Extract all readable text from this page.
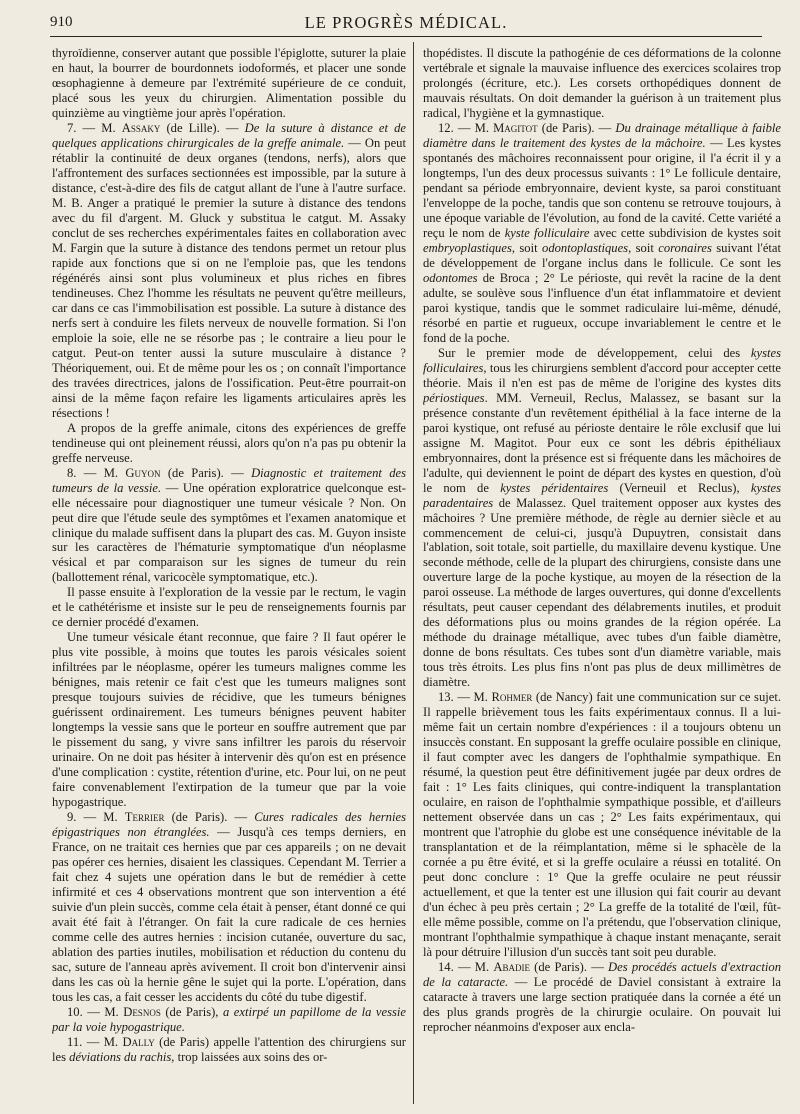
910	LE PROGRÈS MÉDICAL.

thyroïdienne, conserver autant que possible l'épiglotte, suturer la plaie en haut, la bourrer de bourdonnets iodoformés, et placer une sonde œsophagienne à demeure par l'extrémité supérieure de ce conduit, placé sous les yeux du chirurgien. Alimentation possible du quinzième au vingtième jour après l'opération.

7. — M. Assaky (de Lille). — De la suture à distance et de quelques applications chirurgicales de la greffe animale. — On peut rétablir la continuité de deux organes (tendons, nerfs), alors que l'affrontement des surfaces sectionnées est impossible, par la suture à distance, c'est-à-dire des fils de catgut allant de l'une à l'autre surface. M. B. Anger a pratiqué le premier la suture à distance des tendons avec du fil d'argent. M. Gluck y substitua le catgut. M. Assaky conclut de ses recherches expérimentales faites en collaboration avec M. Fargin que la suture à distance des tendons permet un retour plus rapide aux fonctions que si on ne l'emploie pas, que les tendons régénérés ainsi sont plus volumineux et plus riches en fibres tendineuses. Chez l'homme les résultats ne peuvent qu'être meilleurs, car dans ce cas l'immobilisation est possible. La suture à distance des nerfs sert à conduire les filets nerveux de nouvelle formation. Si l'on emploie la soie, elle ne se résorbe pas ; le contraire a lieu pour le catgut. Peut-on tenter aussi la suture musculaire à distance ? Théoriquement, oui. Et de même pour les os ; on connaît l'importance des travées directrices, jalons de l'ossification. Peut-être pourrait-on ainsi de la même façon refaire les ligaments articulaires après les résections !

A propos de la greffe animale, citons des expériences de greffe tendineuse qui ont pleinement réussi, alors qu'on n'a pas pu obtenir la greffe nerveuse.

8. — M. Guyon (de Paris). — Diagnostic et traitement des tumeurs de la vessie. — Une opération exploratrice quelconque est-elle nécessaire pour diagnostiquer une tumeur vésicale ? Non. On peut dire que l'étude seule des symptômes et l'examen anatomique et clinique du malade suffisent dans la plupart des cas. M. Guyon insiste sur les caractères de l'hématurie symptomatique d'un néoplasme vésical et par comparaison sur les signes de tumeur du rein (ballottement rénal, varicocèle symptomatique, etc.).

Il passe ensuite à l'exploration de la vessie par le rectum, le vagin et le cathétérisme et insiste sur le peu de renseignements fournis par ce dernier procédé d'examen.

Une tumeur vésicale étant reconnue, que faire ? Il faut opérer le plus vite possible, à moins que toutes les parois vésicales soient infiltrées par le néoplasme, opérer les tumeurs malignes comme les bénignes, mais retenir ce fait c'est que les tumeurs malignes sont presque toujours suivies de récidive, que les tumeurs bénignes guérissent ordinairement. Les tumeurs bénignes peuvent habiter longtemps la vessie sans que le porteur en souffre autrement que par le pissement du sang, y vivre sans infiltrer les parois du réservoir urinaire. On ne doit pas hésiter à intervenir dès qu'on est en présence d'une complication : cystite, rétention d'urine, etc. Pour lui, on ne peut faire convenablement l'extirpation de la tumeur que par la voie hypogastrique.

9. — M. Terrier (de Paris). — Cures radicales des hernies épigastriques non étranglées. — Jusqu'à ces temps derniers, en France, on ne traitait ces hernies que par ces appareils ; on ne devait pas opérer ces hernies, disaient les classiques. Cependant M. Terrier a fait chez 4 sujets une opération dans le but de remédier à cette infirmité et ces 4 observations montrent que son intervention a été suivie d'un plein succès, comme cela était à penser, étant donné ce qui avait été fait à l'étranger. On fait la cure radicale de ces hernies comme celle des autres hernies : incision cutanée, ouverture du sac, ablation des parties inutiles, mobilisation et réduction du contenu du sac, suture de l'anneau après avivement. Il croit bon d'intervenir ainsi dans les cas où la hernie gêne le sujet qui la porte. L'opération, dans tous les cas, a fait cesser les accidents du côté du tube digestif.

10. — M. Desnos (de Paris), a extirpé un papillome de la vessie par la voie hypogastrique.

11. — M. Dally (de Paris) appelle l'attention des chirurgiens sur les déviations du rachis, trop laissées aux soins des or-

thopédistes. Il discute la pathogénie de ces déformations de la colonne vertébrale et signale la mauvaise influence des exercices scolaires trop prolongés (écriture, etc.). Les corsets orthopédiques donnent de mauvais résultats. On doit demander la guérison à un traitement plus radical, l'hygiène et la gymnastique.

12. — M. Magitot (de Paris). — Du drainage métallique à faible diamètre dans le traitement des kystes de la mâchoire. — Les kystes spontanés des mâchoires reconnaissent pour origine, il l'a écrit il y a longtemps, l'un des deux processus suivants : 1° Le follicule dentaire, pendant sa période embryonnaire, devient kyste, sa paroi constituant l'enveloppe de la poche, tandis que son contenu se retrouve toujours, à une époque variable de l'évolution, au fond de la cavité. Cette variété a reçu le nom de kyste folliculaire avec cette subdivision de kystes soit embryoplastiques, soit odontoplastiques, soit coronaires suivant l'état de développement de l'organe inclus dans le follicule. Ce sont les odontomes de Broca ; 2° Le périoste, qui revêt la racine de la dent adulte, se soulève sous l'influence d'un état inflammatoire et devient paroi kystique, tandis que le sommet radiculaire lui-même, dénudé, résorbé en partie et rugueux, occupe invariablement le centre et le fond de la poche.

Sur le premier mode de développement, celui des kystes folliculaires, tous les chirurgiens semblent d'accord pour accepter cette théorie. Mais il n'en est pas de même de l'origine des kystes dits périostiques. MM. Verneuil, Reclus, Malassez, se basant sur la présence constante d'un revêtement épithélial à la face interne de la paroi kystique, ont refusé au périoste dentaire le rôle exclusif que lui assigne M. Magitot. Pour eux ce sont les débris épithéliaux embryonnaires, dont la présence est si fréquente dans les mâchoires de l'adulte, qui deviennent le point de départ des kystes en question, d'où le nom de kystes péridentaires (Verneuil et Reclus), kystes paradentaires de Malassez. Quel traitement opposer aux kystes des mâchoires ? Une première méthode, de règle au dernier siècle et au commencement de celui-ci, jusqu'à Dupuytren, consistait dans l'ablation, soit totale, soit partielle, du maxillaire devenu kystique. Une seconde méthode, celle de la plupart des chirurgiens, consiste dans une ouverture large de la poche kystique, au moyen de la résection de la paroi osseuse. La méthode de larges ouvertures, qui donne d'excellents résultats, peut causer cependant des délabrements inutiles, et produit des déformations plus ou moins grandes de la région opérée. La méthode du drainage métallique, avec tubes d'un faible diamètre, donne de bons résultats. Ces tubes sont d'un diamètre variable, mais tous très étroits. Les plus fins n'ont pas plus de deux millimètres de diamètre.

13. — M. Rohmer (de Nancy) fait une communication sur ce sujet. Il rappelle brièvement tous les faits expérimentaux connus. Il a lui-même fait un certain nombre d'expériences : il a toujours obtenu un insuccès constant. En supposant la greffe oculaire possible en clinique, il faut compter avec les dangers de l'ophthalmie sympathique. En résumé, la question peut être définitivement jugée par deux ordres de fait : 1° Les faits cliniques, qui contre-indiquent la transplantation oculaire, en raison de l'ophthalmie sympathique possible, et d'ailleurs nettement observée dans un cas ; 2° Les faits expérimentaux, qui montrent que l'atrophie du globe est une conséquence inévitable de la transplantation et de la réimplantation, même si le sphacèle de la cornée a pu être évité, et si la greffe oculaire a réussi en totalité. On peut donc conclure : 1° Que la greffe oculaire ne peut réussir actuellement, et que la tenter est une illusion qui fait courir au devant d'un échec à peu près certain ; 2° La greffe de la totalité de l'œil, fût-elle même possible, comme on l'a prétendu, que l'observation clinique, montrant l'ophthalmie sympathique à chaque instant menaçante, serait là pour détruire l'illusion d'un succès tant soit peu durable.

14. — M. Abadie (de Paris). — Des procédés actuels d'extraction de la cataracte. — Le procédé de Daviel consistant à extraire la cataracte à travers une large section pratiquée dans la cornée a été un des plus grands progrès de la chirurgie oculaire. On pouvait lui reprocher néanmoins d'exposer aux encla-
